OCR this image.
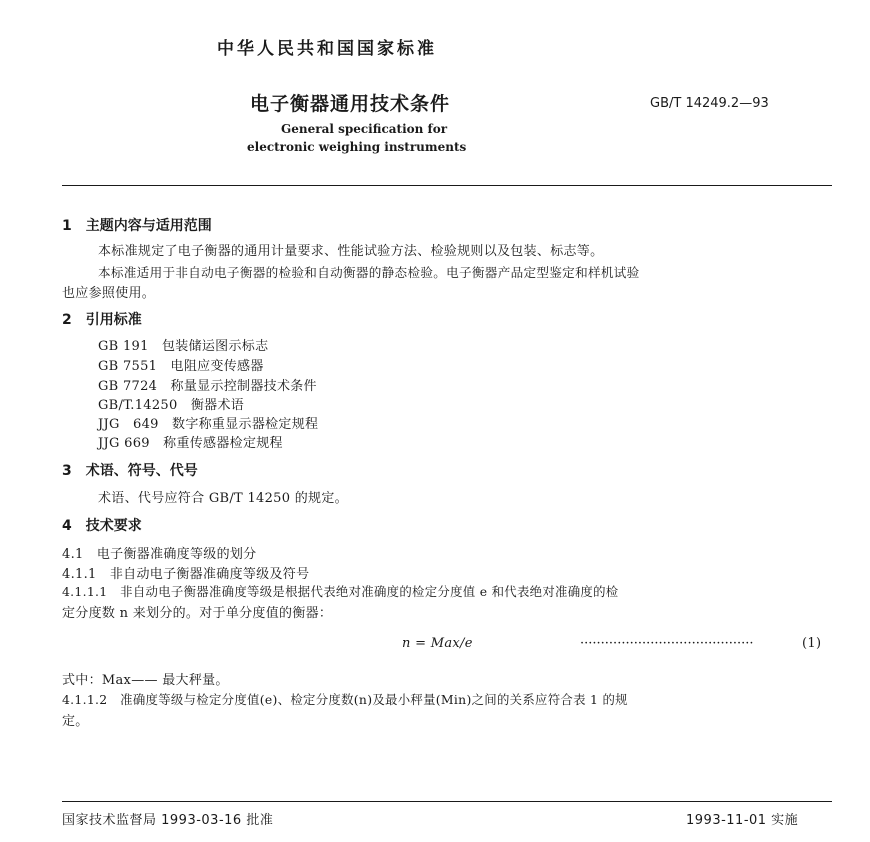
中华人民共和国国家标准
电子衡器通用技术条件	GB/T 14249.2—93
General specification for
electronic weighing instruments
1　主题内容与适用范围
本标准规定了电子衡器的通用计量要求、性能试验方法、检验规则以及包装、标志等。
本标准适用于非自动电子衡器的检验和自动衡器的静态检验。电子衡器产品定型鉴定和样机试验
也应参照使用。
2　引用标准
GB 191　包装储运图示标志
GB 7551　电阻应变传感器
GB 7724　称量显示控制器技术条件
GB/T.14250　衡器术语
JJG　649　数字称重显示器检定规程
JJG 669　称重传感器检定规程
3　术语、符号、代号
术语、代号应符合 GB/T 14250 的规定。
4　技术要求
4.1　电子衡器准确度等级的划分
4.1.1　非自动电子衡器准确度等级及符号
4.1.1.1　非自动电子衡器准确度等级是根据代表绝对准确度的检定分度值 e 和代表绝对准确度的检
定分度数 n 来划分的。对于单分度值的衡器：
n = Max/e	··········································	(1)
式中：Max—— 最大秤量。
4.1.1.2　准确度等级与检定分度值(e)、检定分度数(n)及最小秤量(Min)之间的关系应符合表 1 的规
定。
国家技术监督局 1993-03-16 批准	1993-11-01 实施
